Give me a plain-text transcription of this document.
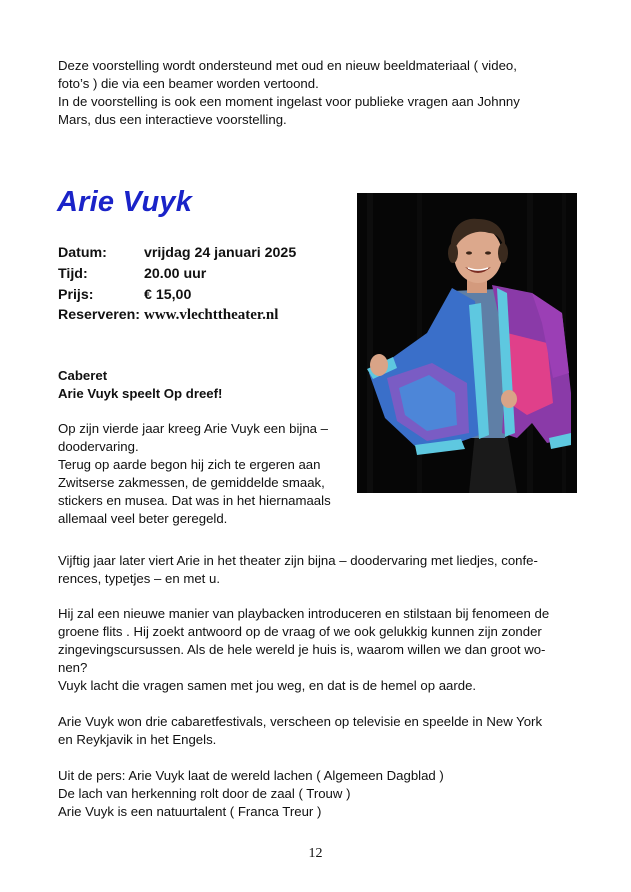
Deze voorstelling wordt ondersteund met oud en nieuw beeldmateriaal ( video,
foto’s ) die via een beamer worden vertoond.
In de voorstelling is ook een moment ingelast voor publieke vragen aan Johnny
Mars, dus een interactieve voorstelling.
Arie Vuyk
Datum:	vrijdag 24 januari 2025
Tijd:	20.00 uur
Prijs:	€ 15,00
Reserveren: www.vlechttheater.nl
Caberet
Arie Vuyk speelt Op dreef!
Op zijn vierde jaar kreeg Arie Vuyk een bijna –
doodervaring.
Terug op aarde begon hij zich te ergeren aan
Zwitserse zakmessen, de gemiddelde smaak,
stickers en musea. Dat was in het hiernamaals
allemaal veel beter geregeld.
Vijftig jaar later viert Arie in het theater zijn bijna – doodervaring met liedjes, confe-
rences, typetjes – en met u.
Hij zal een nieuwe manier van playbacken introduceren en stilstaan bij fenomeen de
groene flits . Hij zoekt antwoord op de vraag of we ook gelukkig kunnen zijn zonder
zingevingscursussen. Als de hele wereld je huis is, waarom willen we dan groot wo-
nen?
Vuyk lacht die vragen samen met jou weg, en dat is de hemel op aarde.
Arie Vuyk won drie cabaretfestivals, verscheen op televisie en speelde in New York
en Reykjavik in het Engels.
Uit de pers: Arie Vuyk laat de wereld lachen ( Algemeen Dagblad )
De lach van herkenning rolt door de zaal ( Trouw )
Arie Vuyk is een natuurtalent ( Franca Treur )
12
